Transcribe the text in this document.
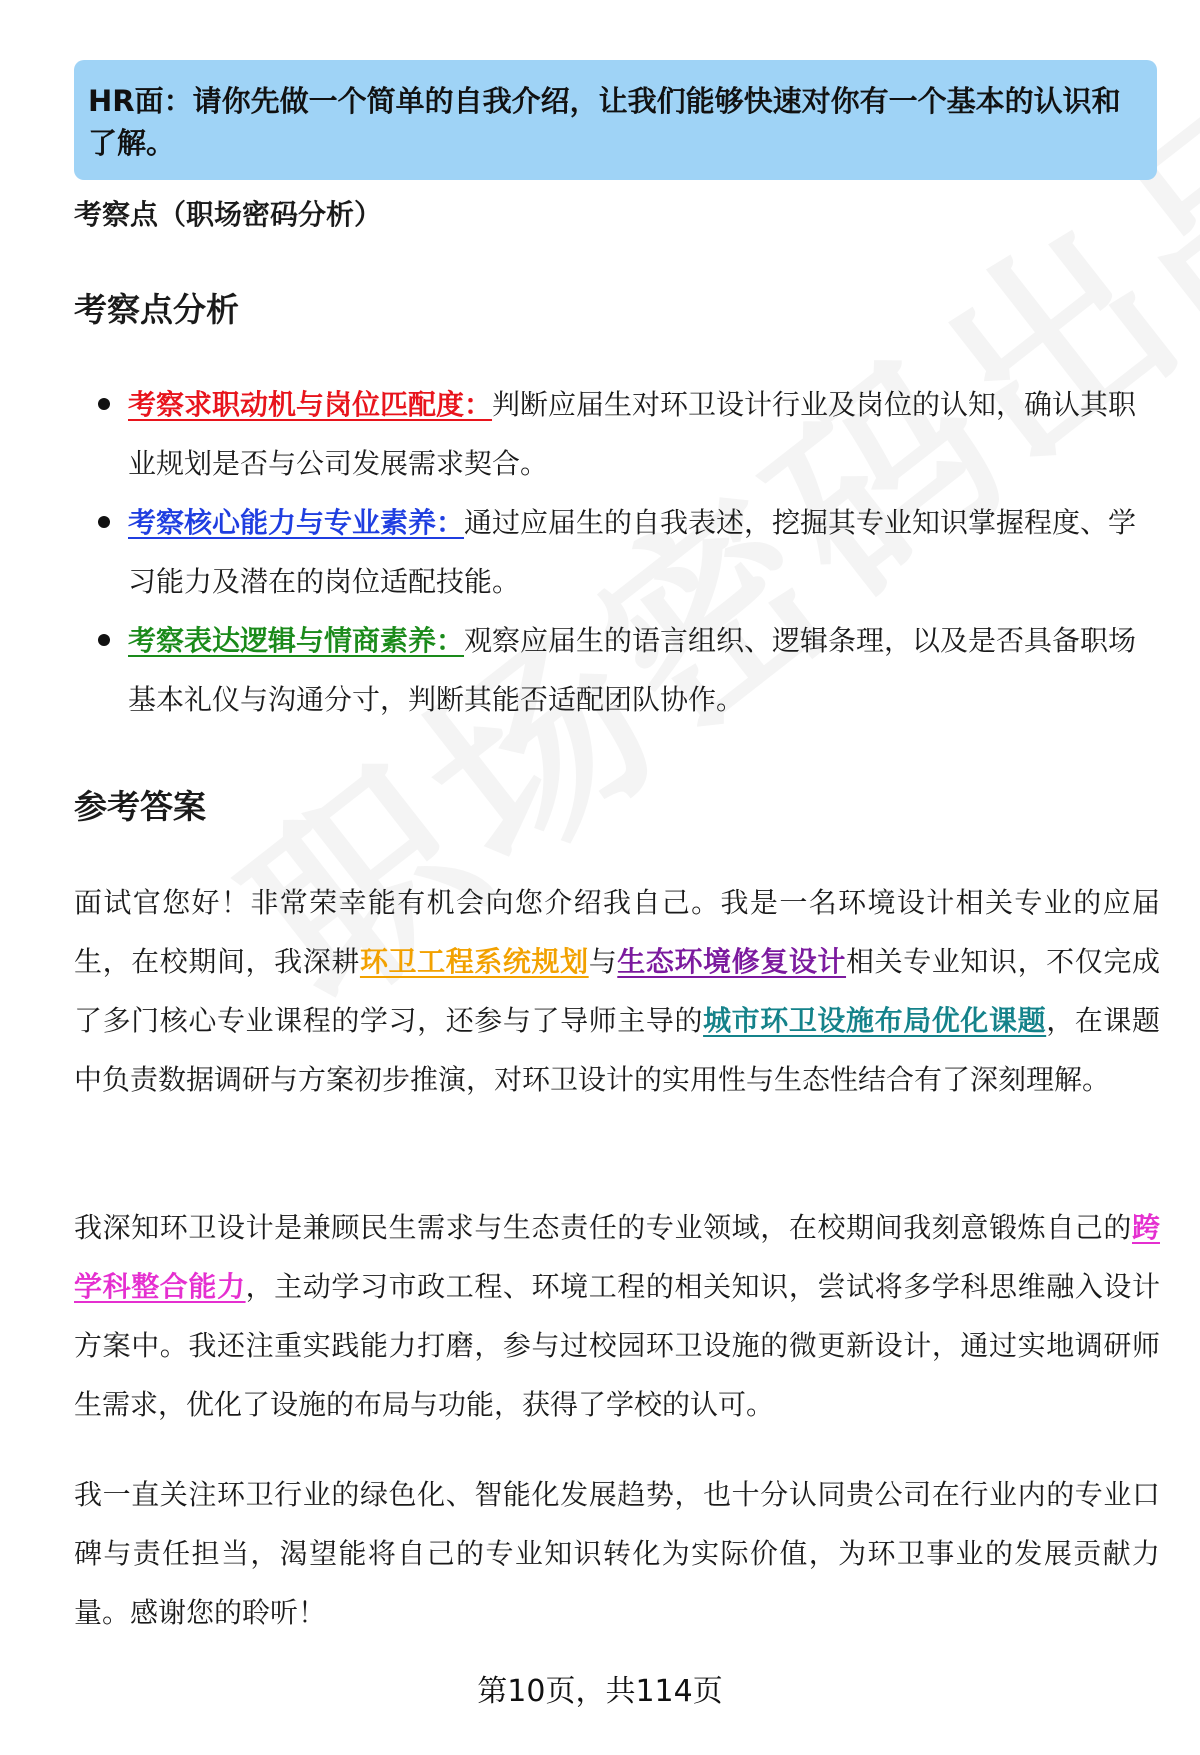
HR面：请你先做一个简单的自我介绍，让我们能够快速对你有一个基本的认识和了解。
考察点（职场密码分析）
考察点分析
考察求职动机与岗位匹配度：判断应届生对环卫设计行业及岗位的认知，确认其职业规划是否与公司发展需求契合。
考察核心能力与专业素养：通过应届生的自我表述，挖掘其专业知识掌握程度、学习能力及潜在的岗位适配技能。
考察表达逻辑与情商素养：观察应届生的语言组织、逻辑条理，以及是否具备职场基本礼仪与沟通分寸，判断其能否适配团队协作。
参考答案

面试官您好！非常荣幸能有机会向您介绍我自己。我是一名环境设计相关专业的应届生，在校期间，我深耕环卫工程系统规划与生态环境修复设计相关专业知识，不仅完成了多门核心专业课程的学习，还参与了导师主导的城市环卫设施布局优化课题，在课题中负责数据调研与方案初步推演，对环卫设计的实用性与生态性结合有了深刻理解。

我深知环卫设计是兼顾民生需求与生态责任的专业领域，在校期间我刻意锻炼自己的跨学科整合能力，主动学习市政工程、环境工程的相关知识，尝试将多学科思维融入设计方案中。我还注重实践能力打磨，参与过校园环卫设施的微更新设计，通过实地调研师生需求，优化了设施的布局与功能，获得了学校的认可。

我一直关注环卫行业的绿色化、智能化发展趋势，也十分认同贵公司在行业内的专业口碑与责任担当，渴望能将自己的专业知识转化为实际价值，为环卫事业的发展贡献力量。感谢您的聆听！

第10页，共114页
